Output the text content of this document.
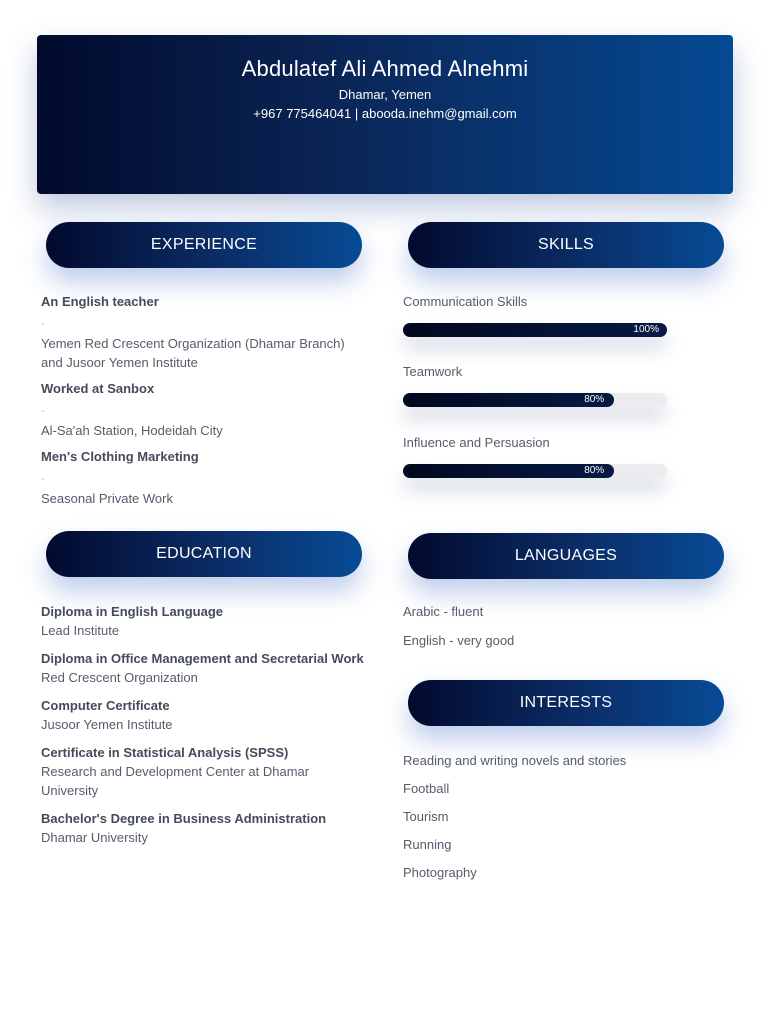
Abdulatef Ali Ahmed Alnehmi
Dhamar, Yemen
+967 775464041 | abooda.inehm@gmail.com
EXPERIENCE	SKILLS
EDUCATION	LANGUAGES
INTERESTS
An English teacher
-
Yemen Red Crescent Organization (Dhamar Branch) and Jusoor Yemen Institute
Worked at Sanbox
-
Al-Sa'ah Station, Hodeidah City
Men's Clothing Marketing
-
Seasonal Private Work
Communication Skills
100%
Teamwork
80%
Influence and Persuasion
80%
Diploma in English Language
Lead Institute
Diploma in Office Management and Secretarial Work
Red Crescent Organization
Computer Certificate
Jusoor Yemen Institute
Certificate in Statistical Analysis (SPSS)
Research and Development Center at Dhamar University
Bachelor's Degree in Business Administration
Dhamar University
Arabic - fluent
English - very good
Reading and writing novels and stories
Football
Tourism
Running
Photography
